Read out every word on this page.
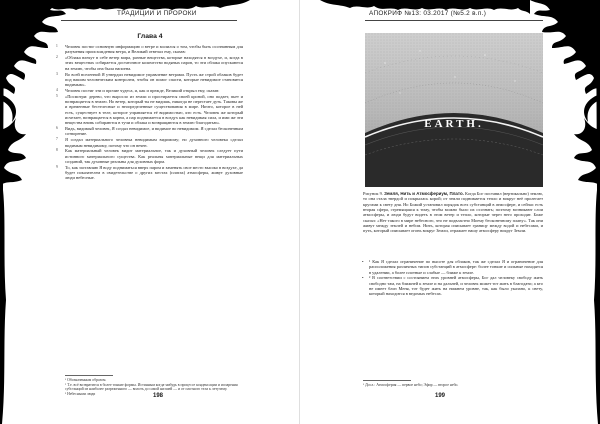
ТРАДИЦИИ И ПРОРОКИ
Глава 4

1 Человек постиг основную информацию о ветре и молился о том, чтобы быть осознанным для разумения происхождения ветра, и Великий отвечал ему, сказав:

2 «Облака влекут в себе ветер мира, разные вещества, которые находятся в воздухе, и, когда в этих веществах собирается достаточное количество водяных паров, то эти облака опускаются на землю, чтобы она была напоена.

3 Во всей вселенной Я утвердил невидимое управление ветрами. Пусть же строй облаков будет под вашим человеческим контролем, чтобы он помог спасти, которые невидимое становится видимым».

4 Человек постиг эти и прочие чудеса, и, как и прежде, Великий открыл ему, сказав:

5 «Посмотри: дерево, что выросло из земли и простирается своей кроной, оно подает, пьет и возвращается в землю. Но ветер, который ты не видишь, никогда не перестает дуть. Таковы же и временные бестелесные и неопределенные существования в мире. Ничто, которое в ней есть, существует в теле, которое управляется её видимостью, кто есть. Человек же который исчезает, возвращается в корни, а пар поднимается в воздух как невидимая сила, и ими же эти вещества вновь собираются в тучи и облака и возвращаются в землю благодатью».

6 Видь, видимый человек, Я создал невидимое, и видимое во невидимом. Я сделал бесконечным сотворение.

7 Я создал материального человека невидимым видимому; но духовного человека сделал видимым невидимому, потому что он вечен.

8 Как материальный человек видит материальное, так и духовный человек следует пути истинного материального существа. Как реальны материальные вещи для материальных созданий, так духовные реальны для духовных форм.

9 То, как заставляю Я воду подниматься вверх паром и заменять свое место высоко в воздухе, да будет показателем в свидетельстве о других местах (платах) атмосферы, живут духовные люди небесные.

¹ Обозначенным образом.

² Т.е. всё возвратится в более тонкие формы. Истинным когда-нибудь в процессе конденсации и испарения субстанций из наиболее разреженного — вплоть до самой низшей — и от плотного тела к летучему.

³ Небесными люди	198
АПОКРИФ №13: 03.2017 (№5.2 в.п.)
EARTH.
Рисунок 9. Земля, Нить и Атмосфериум, Плато. Когда Бог поставил (вертикально) землю, то она стала твердой и покрылась корой; от земли поднимается тепло и вокруг неё пролегает кругами к свету дня. Но Божий установил порядок всех субстанций в атмосфере, и сейчас есть вторая сфера, стремящаяся к тому, чтобы можно было их осознать; поэтому возникают слои атмосферы, и люди будут видеть в этом ветер и тепло, которые через него проходят. Боже сказал: «Нет такого в мире небесного, что не подвластно Моему бесконечному плану». Так они живут между землей и небом. Нить, которая описывает границу между водой и небесами, и путь, который описывает огонь вокруг Земли, отражает нашу атмосферу вокруг Земли.

• ¹ Как Я сделал ограничение по высоте для облаков, так же сделал Я и ограничение для расположения различных типов субстанций в атмосфере: более тонкие и сильные находятся в удалении, а более плотные и слабые — ближе к земле.

• ² В соответствии с состоянием этих уровней атмосферы, Бог дал человеку свободу жить свободно там, на ближней к земле и на дальней, и человек может тот жить в благодати; а кто не имеет близ Меня, тот будет жить на нижнем уровне, так, как было указано, к свету, который находится в ведомых небесах.

¹ Досл.: Атмосферия — первое небо; Эфир — второе небо.

199
